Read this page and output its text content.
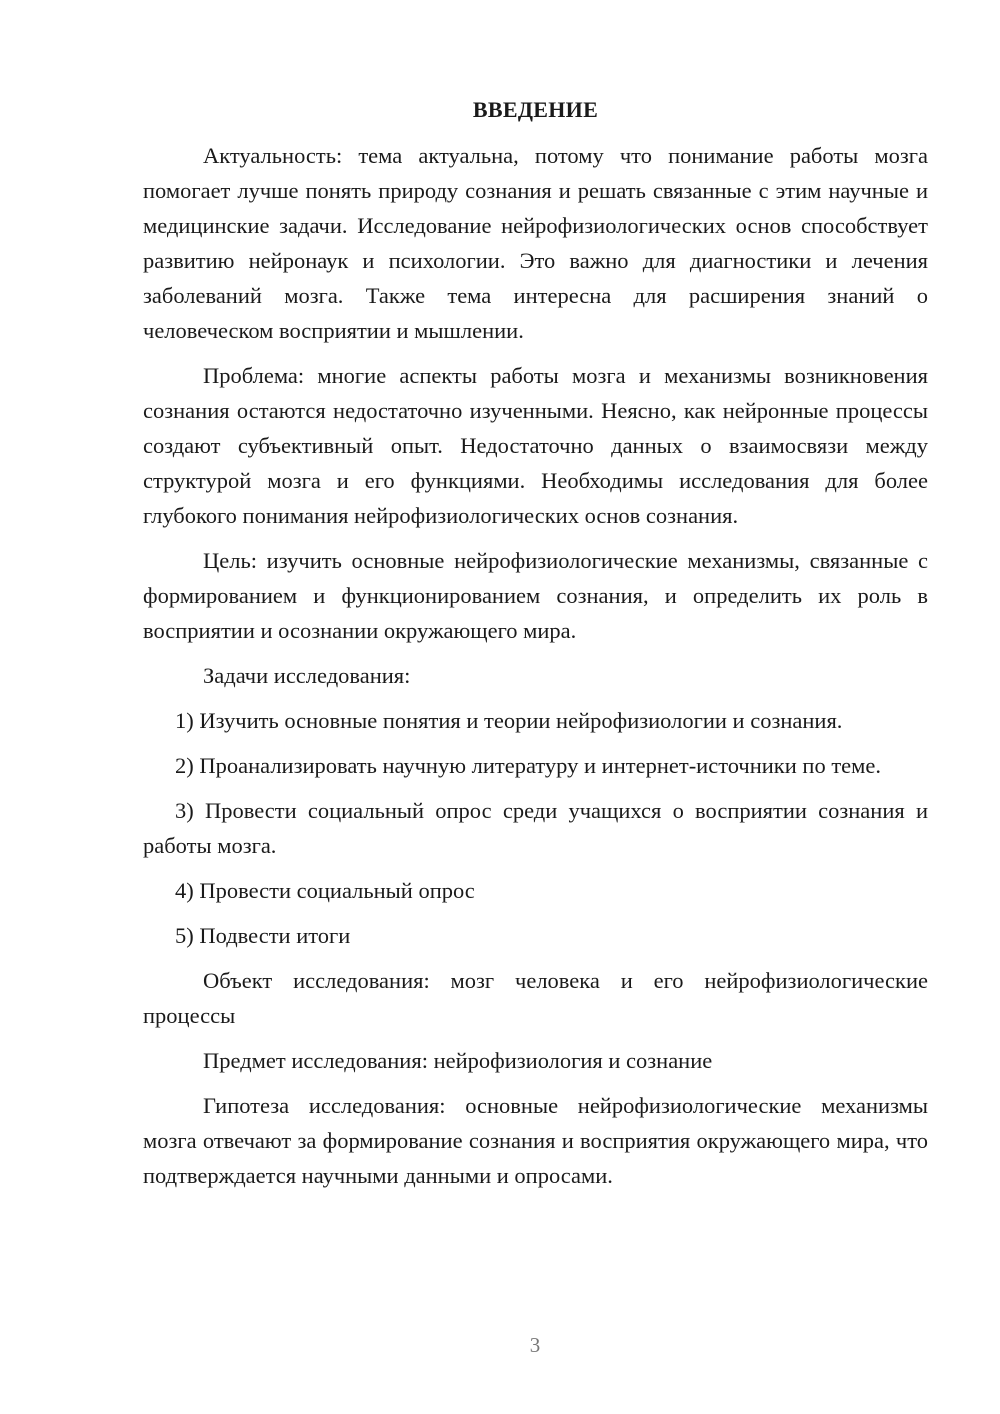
ВВЕДЕНИЕ

Актуальность: тема актуальна, потому что понимание работы мозга помогает лучше понять природу сознания и решать связанные с этим научные и медицинские задачи. Исследование нейрофизиологических основ способствует развитию нейронаук и психологии. Это важно для диагностики и лечения заболеваний мозга. Также тема интересна для расширения знаний о человеческом восприятии и мышлении.

Проблема: многие аспекты работы мозга и механизмы возникновения сознания остаются недостаточно изученными. Неясно, как нейронные процессы создают субъективный опыт. Недостаточно данных о взаимосвязи между структурой мозга и его функциями. Необходимы исследования для более глубокого понимания нейрофизиологических основ сознания.

Цель: изучить основные нейрофизиологические механизмы, связанные с формированием и функционированием сознания, и определить их роль в восприятии и осознании окружающего мира.

Задачи исследования:

1) Изучить основные понятия и теории нейрофизиологии и сознания.

2) Проанализировать научную литературу и интернет-источники по теме.

3) Провести социальный опрос среди учащихся о восприятии сознания и работы мозга.

4) Провести социальный опрос

5) Подвести итоги

Объект исследования: мозг человека и его нейрофизиологические процессы

Предмет исследования: нейрофизиология и сознание

Гипотеза исследования: основные нейрофизиологические механизмы мозга отвечают за формирование сознания и восприятия окружающего мира, что подтверждается научными данными и опросами.

3
